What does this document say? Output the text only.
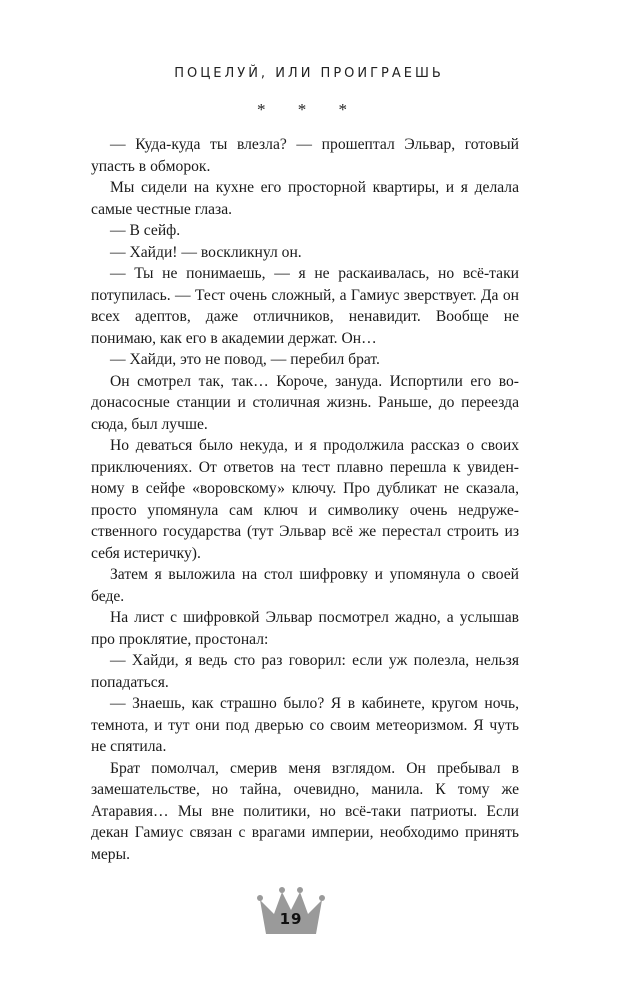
ПОЦЕЛУЙ, ИЛИ ПРОИГРАЕШЬ
* * *

— Куда-куда ты влезла? — прошептал Эльвар, готовый упасть в обморок.

Мы сидели на кухне его просторной квартиры, и я делала самые честные глаза.

— В сейф.

— Хайди! — воскликнул он.

— Ты не понимаешь, — я не раскаивалась, но всё-таки потупилась. — Тест очень сложный, а Гамиус зверствует. Да он всех адептов, даже отличников, ненавидит. Вообще не понимаю, как его в академии держат. Он…

— Хайди, это не повод, — перебил брат.

Он смотрел так, так… Короче, зануда. Испортили его водонасосные станции и столичная жизнь. Раньше, до переезда сюда, был лучше.

Но деваться было некуда, и я продолжила рассказ о своих приключениях. От ответов на тест плавно перешла к увиденному в сейфе «воровскому» ключу. Про дубликат не сказала, просто упомянула сам ключ и символику очень недружественного государства (тут Эльвар всё же перестал строить из себя истеричку).

Затем я выложила на стол шифровку и упомянула о своей беде.

На лист с шифровкой Эльвар посмотрел жадно, а услышав про проклятие, простонал:

— Хайди, я ведь сто раз говорил: если уж полезла, нельзя попадаться.

— Знаешь, как страшно было? Я в кабинете, кругом ночь, темнота, и тут они под дверью со своим метеоризмом. Я чуть не спятила.

Брат помолчал, смерив меня взглядом. Он пребывал в замешательстве, но тайна, очевидно, манила. К тому же Атаравия… Мы вне политики, но всё-таки патриоты. Если декан Гамиус связан с врагами империи, необходимо принять меры.

19
